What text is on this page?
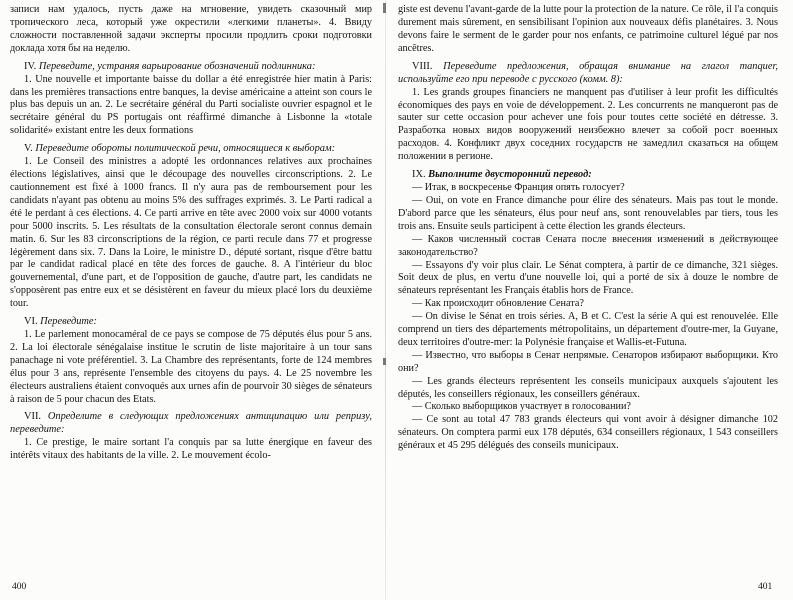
записи нам удалось, пусть даже на мгновение, увидеть сказочный мир тропического леса, который уже окрестили «легкими планеты». 4. Ввиду сложности поставленной задачи эксперты просили продлить сроки подготовки доклада хотя бы на неделю.

IV. Переведите, устраняя варьирование обозначений подлинника:

1. Une nouvelle et importante baisse du dollar a été enregistrée hier matin à Paris: dans les premières transactions entre banques, la devise américaine a atteint son cours le plus bas depuis un an. 2. Le secrétaire général du Parti socialiste ouvrier espagnol et le secrétaire général du PS portugais ont réaffirmé dimanche à Lisbonne la «totale solidarité» existant entre les deux formations

V. Переведите обороты политической речи, относящиеся к выборам:

1. Le Conseil des ministres a adopté les ordonnances relatives aux prochaines élections législatives, ainsi que le découpage des nouvelles circonscriptions. 2. Le cautionnement est fixé à 1000 francs. Il n'y aura pas de remboursement pour les candidats n'ayant pas obtenu au moins 5% des suffrages exprimés. 3. Le Parti radical a été le perdant à ces élections. 4. Ce parti arrive en tête avec 2000 voix sur 4000 votants pour 5000 inscrits. 5. Les résultats de la consultation électorale seront connus demain matin. 6. Sur les 83 circonscriptions de la région, ce parti recule dans 77 et progresse légèrement dans six. 7. Dans la Loire, le ministre D., député sortant, risque d'être battu par le candidat radical placé en tête des forces de gauche. 8. A l'intérieur du bloc gouvernemental, d'une part, et de l'opposition de gauche, d'autre part, les candidats ne s'opposèrent pas entre eux et se désistèrent en faveur du mieux placé lors du deuxième tour.

VI. Переведите:

1. Le parlement monocaméral de ce pays se compose de 75 députés élus pour 5 ans. 2. La loi électorale sénégalaise institue le scrutin de liste majoritaire à un tour sans panachage ni vote préférentiel. 3. La Chambre des représentants, forte de 124 membres élus pour 3 ans, représente l'ensemble des citoyens du pays. 4. Le 25 novembre les électeurs australiens étaient convoqués aux urnes afin de pourvoir 30 sièges de sénateurs à raison de 5 pour chacun des Etats.

VII. Определите в следующих предложениях антиципацию или репризу, переведите:

1. Ce prestige, le maire sortant l'a conquis par sa lutte énergique en faveur des intérêts vitaux des habitants de la ville. 2. Le mouvement écolo-

giste est devenu l'avant-garde de la lutte pour la protection de la nature. Ce rôle, il l'a conquis durement mais sûrement, en sensibilisant l'opinion aux nouveaux défis planétaires. 3. Nous devons faire le serment de le garder pour nos enfants, ce patrimoine culturel légué par nos ancêtres.

VIII. Переведите предложения, обращая внимание на глагол manquer, используйте его при переводе с русского (комм. 8):

1. Les grands groupes financiers ne manquent pas d'utiliser à leur profit les difficultés économiques des pays en voie de développement. 2. Les concurrents ne manqueront pas de sauter sur cette occasion pour achever une fois pour toutes cette société en détresse. 3. Разработка новых видов вооружений неизбежно влечет за собой рост военных расходов. 4. Конфликт двух соседних государств не замедлил сказаться на общем положении в регионе.

IX. Выполните двусторонний перевод:

— Итак, в воскресенье Франция опять голосует?

— Oui, on vote en France dimanche pour élire des sénateurs. Mais pas tout le monde. D'abord parce que les sénateurs, élus pour neuf ans, sont renouvelables par tiers, tous les trois ans. Ensuite seuls participent à cette élection les grands électeurs.

— Каков численный состав Сената после внесения изменений в действующее законодательство?

— Essayons d'y voir plus clair. Le Sénat comptera, à partir de ce dimanche, 321 sièges. Soit deux de plus, en vertu d'une nouvelle loi, qui a porté de six à douze le nombre de sénateurs représentant les Français établis hors de France.

— Как происходит обновление Сената?

— On divise le Sénat en trois séries. A, B et C. C'est la série A qui est renouvelée. Elle comprend un tiers des départements métropolitains, un département d'outre-mer, la Guyane, deux territoires d'outre-mer: la Polynésie française et Wallis-et-Futuna.

— Известно, что выборы в Сенат непрямые. Сенаторов избирают выборщики. Кто они?

— Les grands électeurs représentent les conseils municipaux auxquels s'ajoutent les députés, les conseillers régionaux, les conseillers généraux.

— Сколько выборщиков участвует в голосовании?

— Ce sont au total 47 783 grands électeurs qui vont avoir à désigner dimanche 102 sénateurs. On comptera parmi eux 178 députés, 634 conseillers régionaux, 1 543 conseillers généraux et 45 295 délégués des conseils municipaux.

400	401
